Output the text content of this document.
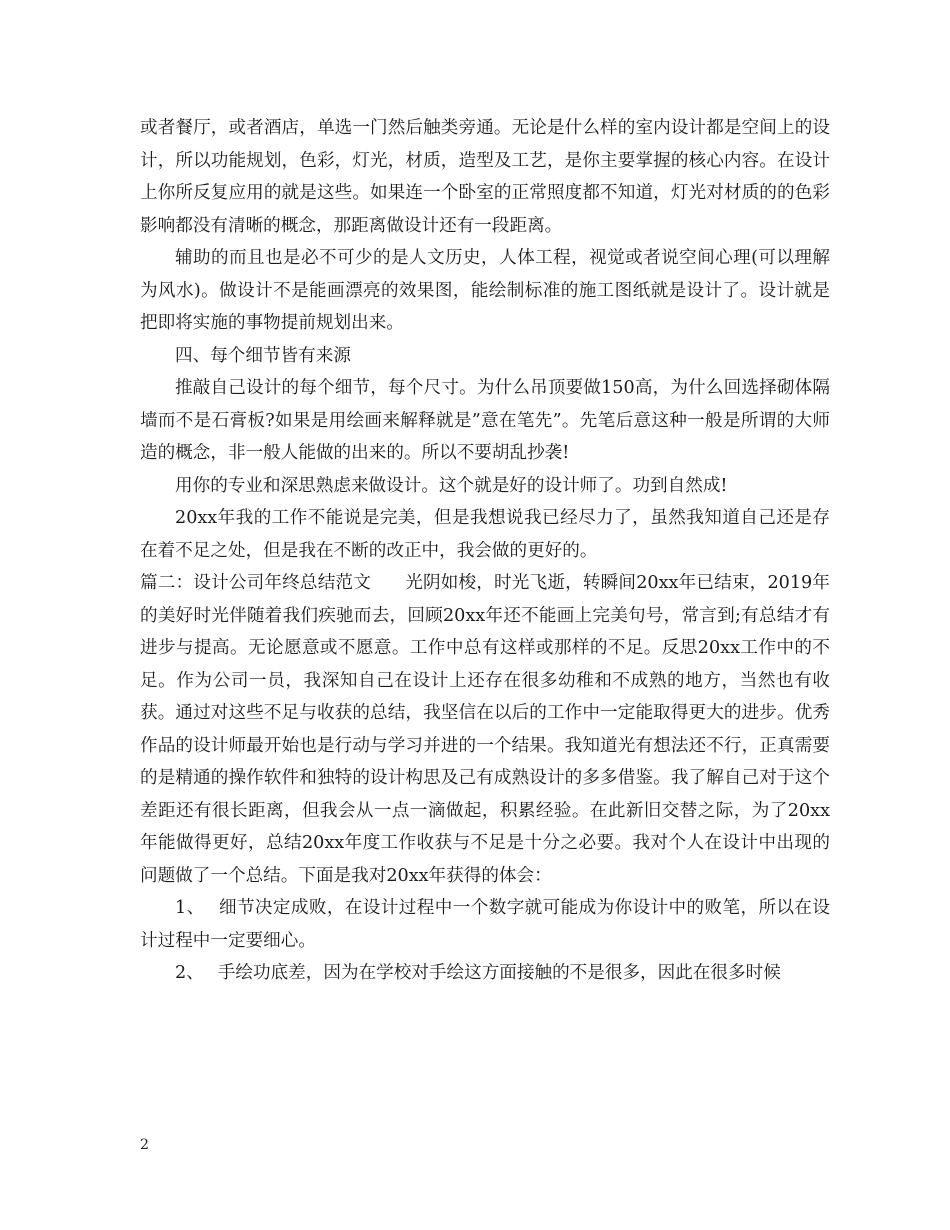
或者餐厅，或者酒店，单选一门然后触类旁通。无论是什么样的室内设计都是空间上的设计，所以功能规划，色彩，灯光，材质，造型及工艺，是你主要掌握的核心内容。在设计上你所反复应用的就是这些。如果连一个卧室的正常照度都不知道，灯光对材质的的色彩影响都没有清晰的概念，那距离做设计还有一段距离。

辅助的而且也是必不可少的是人文历史，人体工程，视觉或者说空间心理(可以理解为风水)。做设计不是能画漂亮的效果图，能绘制标准的施工图纸就是设计了。设计就是把即将实施的事物提前规划出来。

四、每个细节皆有来源

推敲自己设计的每个细节，每个尺寸。为什么吊顶要做150高，为什么回选择砌体隔墙而不是石膏板?如果是用绘画来解释就是”意在笔先”。先笔后意这种一般是所谓的大师造的概念，非一般人能做的出来的。所以不要胡乱抄袭!

用你的专业和深思熟虑来做设计。这个就是好的设计师了。功到自然成!

20xx年我的工作不能说是完美，但是我想说我已经尽力了，虽然我知道自己还是存在着不足之处，但是我在不断的改正中，我会做的更好的。

篇二：设计公司年终总结范文 光阴如梭，时光飞逝，转瞬间20xx年已结束，2019年的美好时光伴随着我们疾驰而去，回顾20xx年还不能画上完美句号，常言到;有总结才有进步与提高。无论愿意或不愿意。工作中总有这样或那样的不足。反思20xx工作中的不足。作为公司一员，我深知自己在设计上还存在很多幼稚和不成熟的地方，当然也有收获。通过对这些不足与收获的总结，我坚信在以后的工作中一定能取得更大的进步。优秀作品的设计师最开始也是行动与学习并进的一个结果。我知道光有想法还不行，正真需要的是精通的操作软件和独特的设计构思及己有成熟设计的多多借鉴。我了解自己对于这个差距还有很长距离，但我会从一点一滴做起，积累经验。在此新旧交替之际，为了20xx年能做得更好，总结20xx年度工作收获与不足是十分之必要。我对个人在设计中出现的问题做了一个总结。下面是我对20xx年获得的体会：

1、 细节决定成败，在设计过程中一个数字就可能成为你设计中的败笔，所以在设计过程中一定要细心。

2、 手绘功底差，因为在学校对手绘这方面接触的不是很多，因此在很多时候

2
